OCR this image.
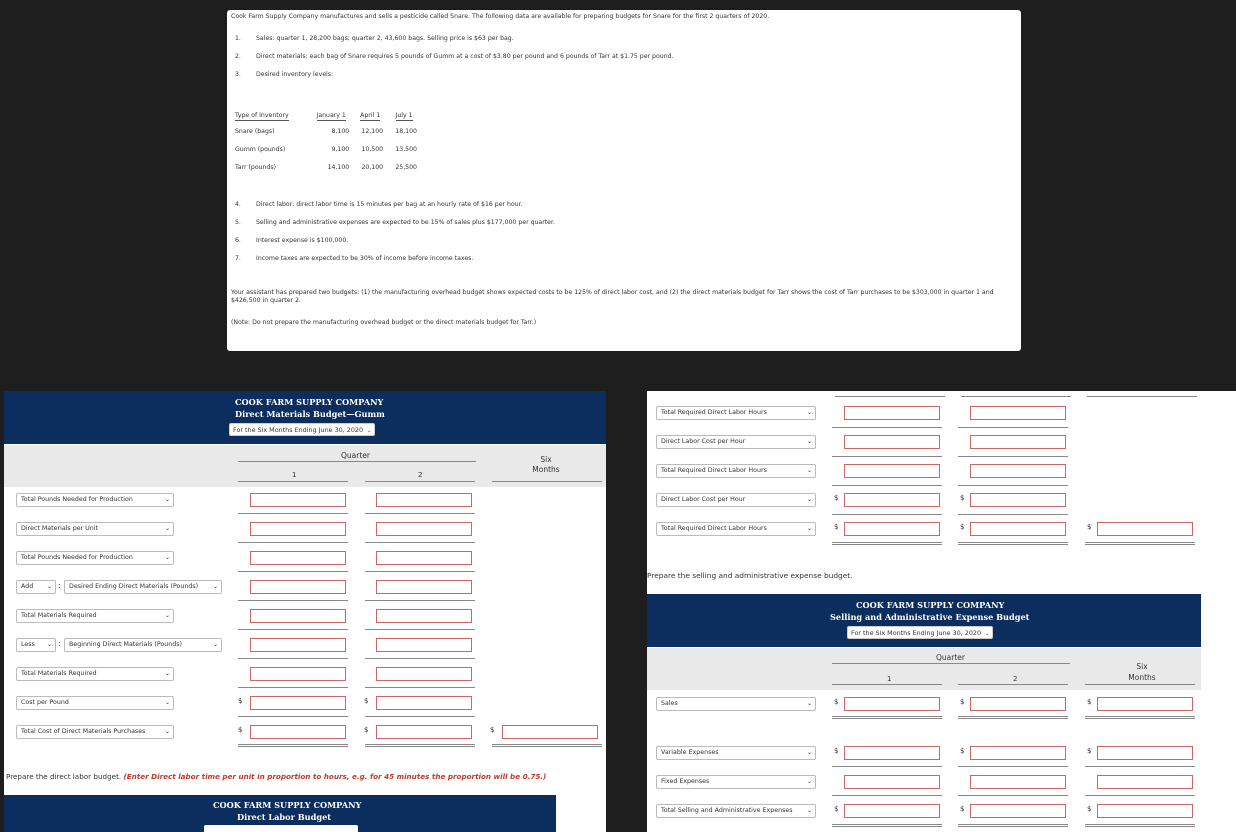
Cook Farm Supply Company manufactures and sells a pesticide called Snare. The following data are available for preparing budgets for Snare for the first 2 quarters of 2020.
1.	Sales: quarter 1, 28,200 bags; quarter 2, 43,600 bags. Selling price is $63 per bag.
2.	Direct materials: each bag of Snare requires 5 pounds of Gumm at a cost of $3.80 per pound and 6 pounds of Tarr at $1.75 per pound.
3.	Desired inventory levels:
Type of Inventory	January 1	April 1	July 1
Snare (bags)	8,100	12,100	18,100
Gumm (pounds)	9,100	10,500	13,500
Tarr (pounds)	14,100	20,100	25,500
4.	Direct labor: direct labor time is 15 minutes per bag at an hourly rate of $16 per hour.
5.	Selling and administrative expenses are expected to be 15% of sales plus $177,000 per quarter.
6.	Interest expense is $100,000.
7.	Income taxes are expected to be 30% of income before income taxes.
Your assistant has prepared two budgets: (1) the manufacturing overhead budget shows expected costs to be 125% of direct labor cost, and (2) the direct materials budget for Tarr shows the cost of Tarr purchases to be $303,000 in quarter 1 and $426,500 in quarter 2.
(Note: Do not prepare the manufacturing overhead budget or the direct materials budget for Tarr.)
COOK FARM SUPPLY COMPANY
Direct Materials Budget—Gumm
For the Six Months Ending June 30, 2020 ⌄
Quarter
1	2
Six Months
Total Pounds Needed for Production	⌄
Direct Materials per Unit	⌄
Total Pounds Needed for Production	⌄
Add ⌄ :	Desired Ending Direct Materials (Pounds) ⌄
Total Materials Required	⌄
Less ⌄ :	Beginning Direct Materials (Pounds)	⌄
Total Materials Required	⌄
Cost per Pound	⌄	$	$
Total Cost of Direct Materials Purchases	⌄	$	$	$
Prepare the direct labor budget. (Enter Direct labor time per unit in proportion to hours, e.g. for 45 minutes the proportion will be 0.75.)
COOK FARM SUPPLY COMPANY
Direct Labor Budget
Total Required Direct Labor Hours	⌄
Direct Labor Cost per Hour	⌄
Total Required Direct Labor Hours	⌄
Direct Labor Cost per Hour	⌄	$	$
Total Required Direct Labor Hours	⌄	$	$	$
Prepare the selling and administrative expense budget.
COOK FARM SUPPLY COMPANY
Selling and Administrative Expense Budget
For the Six Months Ending June 30, 2020 ⌄
Quarter
1	2
Six Months
Sales	⌄	$	$	$
Variable Expenses	⌄	$	$	$
Fixed Expenses	⌄
Total Selling and Administrative Expenses ⌄	$	$	$
